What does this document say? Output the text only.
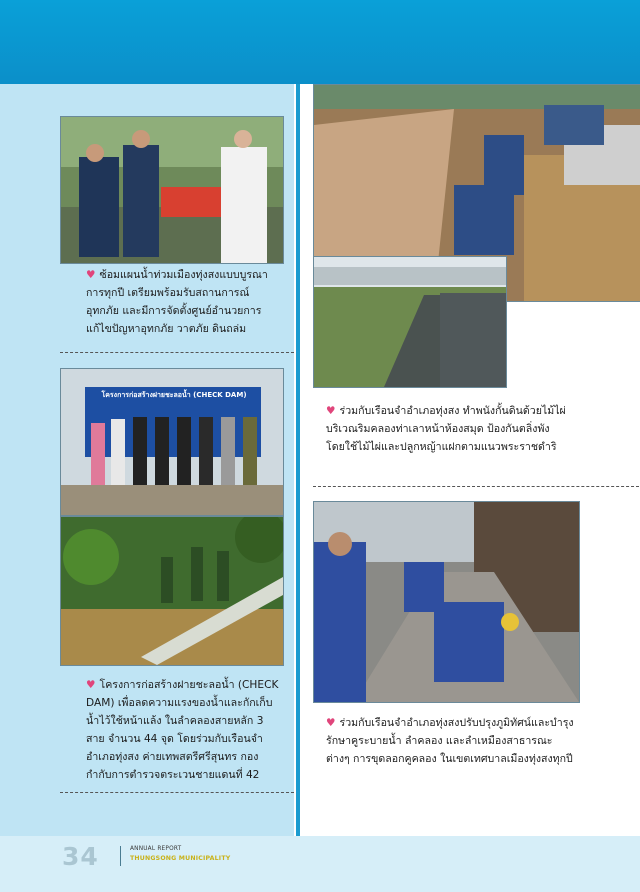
♥ ซ้อมแผนน้ำท่วมเมืองทุ่งสงแบบบูรณาการทุกปี เตรียมพร้อมรับสถานการณ์อุทกภัย และมีการจัดตั้งศูนย์อำนวยการแก้ไขปัญหาอุทกภัย วาตภัย ดินถล่ม
โครงการก่อสร้างฝายชะลอน้ำ (CHECK DAM)
♥ โครงการก่อสร้างฝายชะลอน้ำ (CHECK DAM) เพื่อลดความแรงของน้ำและกักเก็บน้ำไว้ใช้หน้าแล้ง ในลำคลองสายหลัก 3 สาย จำนวน 44 จุด โดยร่วมกับเรือนจำอำเภอทุ่งสง ค่ายเทพสตรีศรีสุนทร กองกำกับการตำรวจตระเวนชายแดนที่ 42
♥ ร่วมกับเรือนจำอำเภอทุ่งสง ทำพนังกั้นดินด้วยไม้ไผ่ บริเวณริมคลองท่าเลาหน้าห้องสมุด ป้องกันตลิ่งพัง โดยใช้ไม้ไผ่และปลูกหญ้าแฝกตามแนวพระราชดำริ
♥ ร่วมกับเรือนจำอำเภอทุ่งสงปรับปรุงภูมิทัศน์และบำรุงรักษาคูระบายน้ำ ลำคลอง และลำเหมืองสาธารณะต่างๆ การขุดลอกคูคลอง ในเขตเทศบาลเมืองทุ่งสงทุกปี
34	ANNUAL REPORT
THUNGSONG MUNICIPALITY
